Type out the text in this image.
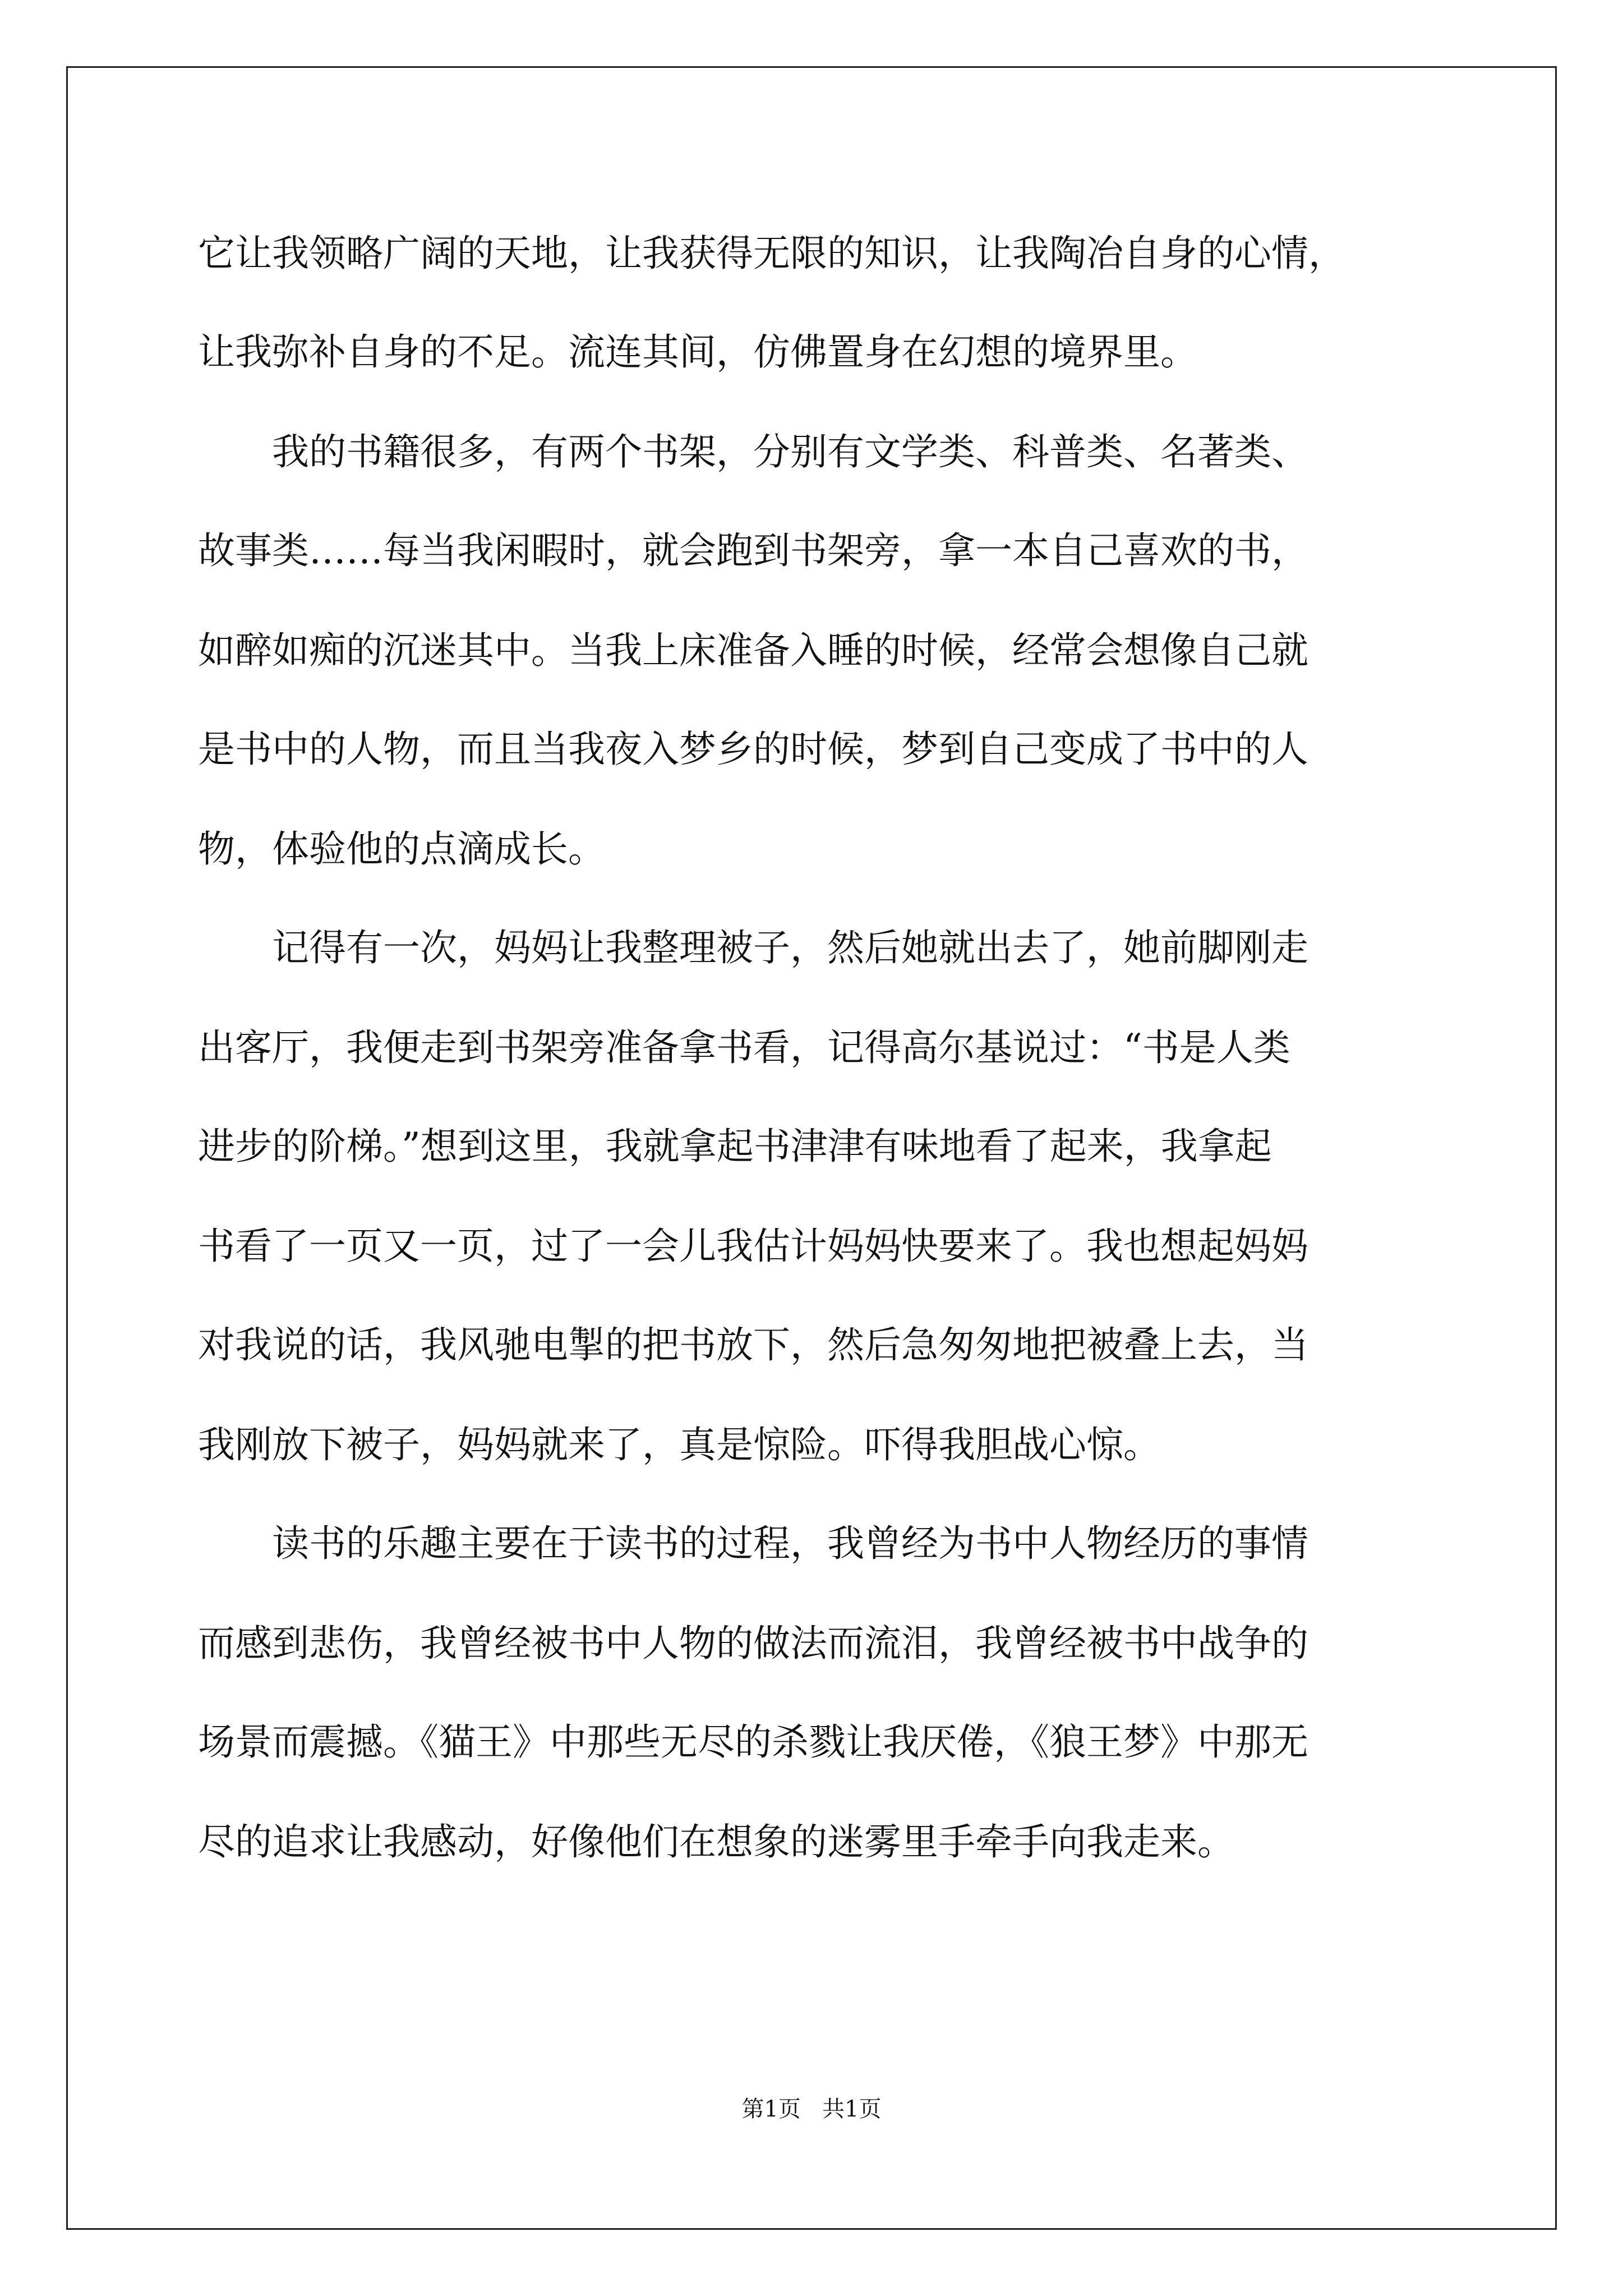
它让我领略广阔的天地，让我获得无限的知识，让我陶冶自身的心情，
让我弥补自身的不足。流连其间，仿佛置身在幻想的境界里。
　　我的书籍很多，有两个书架，分别有文学类、科普类、名著类、
故事类……每当我闲暇时，就会跑到书架旁，拿一本自己喜欢的书，
如醉如痴的沉迷其中。当我上床准备入睡的时候，经常会想像自己就
是书中的人物，而且当我夜入梦乡的时候，梦到自己变成了书中的人
物，体验他的点滴成长。
　　记得有一次，妈妈让我整理被子，然后她就出去了，她前脚刚走
出客厅，我便走到书架旁准备拿书看，记得高尔基说过：“书是人类
进步的阶梯。”想到这里，我就拿起书津津有味地看了起来，我拿起
书看了一页又一页，过了一会儿我估计妈妈快要来了。我也想起妈妈
对我说的话，我风驰电掣的把书放下，然后急匆匆地把被叠上去，当
我刚放下被子，妈妈就来了，真是惊险。吓得我胆战心惊。
　　读书的乐趣主要在于读书的过程，我曾经为书中人物经历的事情
而感到悲伤，我曾经被书中人物的做法而流泪，我曾经被书中战争的
场景而震撼。《猫王》中那些无尽的杀戮让我厌倦，《狼王梦》中那无
尽的追求让我感动，好像他们在想象的迷雾里手牵手向我走来。
第1页   共1页
